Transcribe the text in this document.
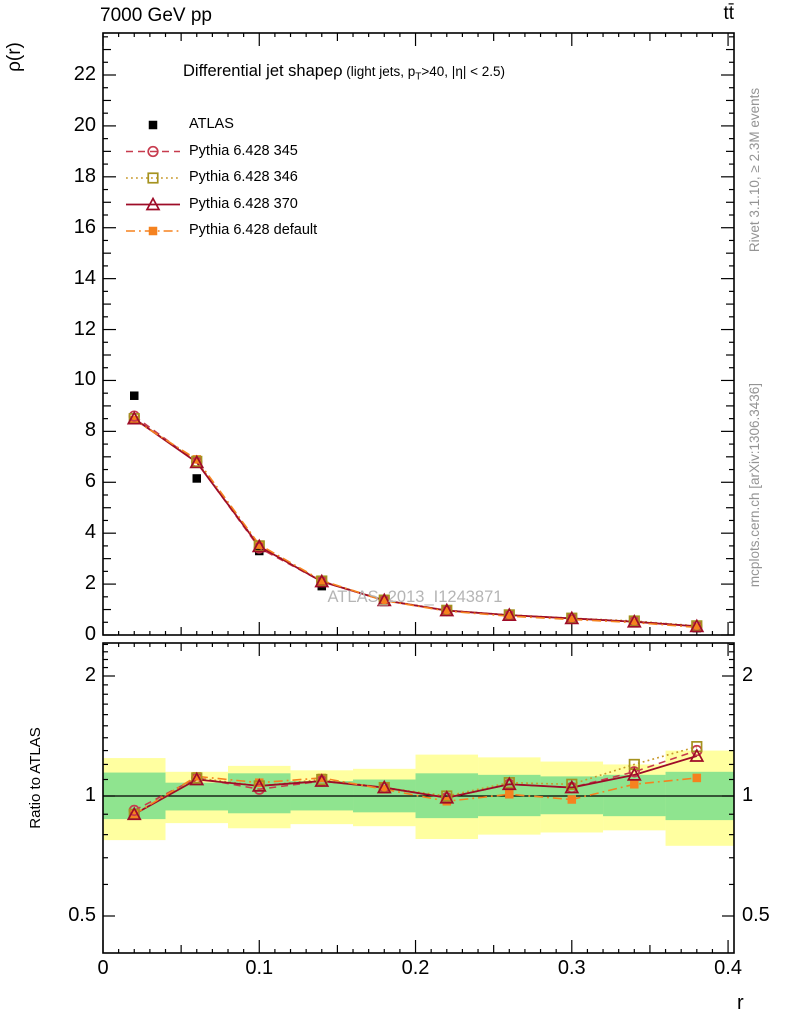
7000 GeV pp	tt̄
Differential jet shapeρ (light jets, $p_T>40$, |η| < 2.5)
ρ(r)
Ratio to ATLAS
Rivet 3.1.10, ≥ 2.3M events
mcplots.cern.ch [arXiv:1306.3436]
ATLAS_2013_I1243871
r
0
2
4
6
8
10
12
14
16
18
20
22
0.5	0.5
1	1
2	2
0	0.1	0.2	0.3	0.4
ATLAS
Pythia 6.428 345
Pythia 6.428 346
Pythia 6.428 370
Pythia 6.428 default
